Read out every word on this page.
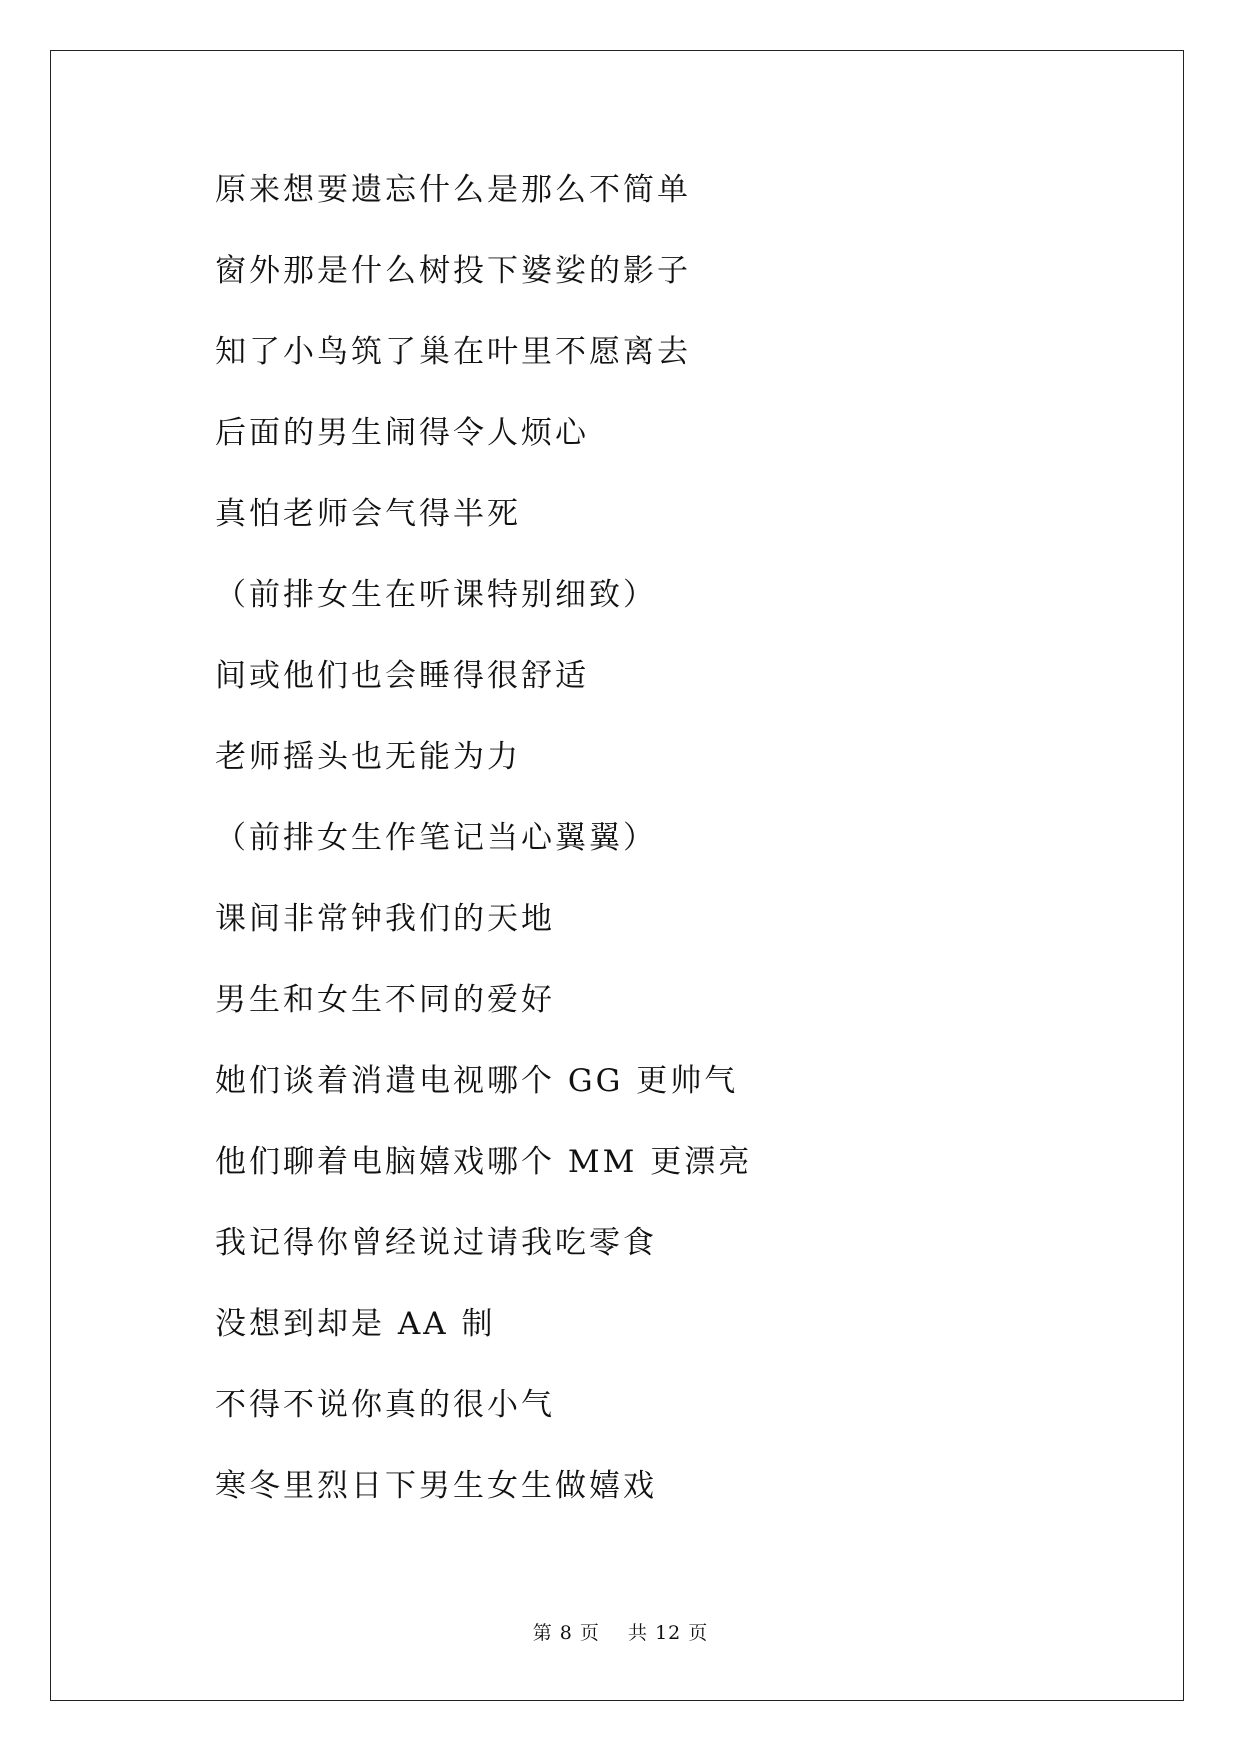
原来想要遗忘什么是那么不简单
窗外那是什么树投下婆娑的影子
知了小鸟筑了巢在叶里不愿离去
后面的男生闹得令人烦心
真怕老师会气得半死
（前排女生在听课特别细致）
间或他们也会睡得很舒适
老师摇头也无能为力
（前排女生作笔记当心翼翼）
课间非常钟我们的天地
男生和女生不同的爱好
她们谈着消遣电视哪个 GG 更帅气
他们聊着电脑嬉戏哪个 MM 更漂亮
我记得你曾经说过请我吃零食
没想到却是 AA 制
不得不说你真的很小气
寒冬里烈日下男生女生做嬉戏
第 8 页    共 12 页
